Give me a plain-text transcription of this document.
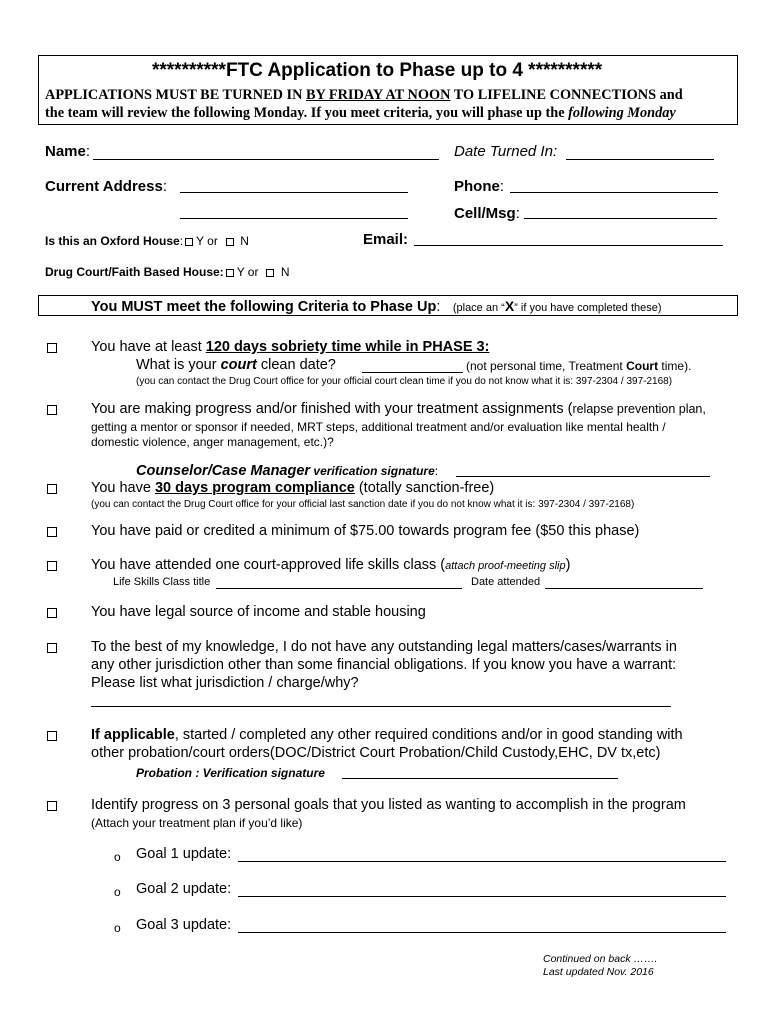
**********FTC Application to Phase up to 4 **********
APPLICATIONS MUST BE TURNED IN BY FRIDAY AT NOON TO LIFELINE CONNECTIONS and
the team will review the following Monday. If you meet criteria, you will phase up the following Monday
Name:	Date Turned In:
Current Address:	Phone:
Cell/Msg:
Is this an Oxford House: Y or N	Email:
Drug Court/Faith Based House: Y or N
You MUST meet the following Criteria to Phase Up: (place an “X” if you have completed these)
You have at least 120 days sobriety time while in PHASE 3:
What is your court clean date?	(not personal time, Treatment Court time).
(you can contact the Drug Court office for your official court clean time if you do not know what it is: 397-2304 / 397-2168)
You are making progress and/or finished with your treatment assignments (relapse prevention plan,
getting a mentor or sponsor if needed, MRT steps, additional treatment and/or evaluation like mental health /
domestic violence, anger management, etc.)?
Counselor/Case Manager verification signature:
You have 30 days program compliance (totally sanction-free)
(you can contact the Drug Court office for your official last sanction date if you do not know what it is: 397-2304 / 397-2168)
You have paid or credited a minimum of $75.00 towards program fee ($50 this phase)
You have attended one court-approved life skills class (attach proof-meeting slip)
Life Skills Class title	Date attended
You have legal source of income and stable housing
To the best of my knowledge, I do not have any outstanding legal matters/cases/warrants in
any other jurisdiction other than some financial obligations. If you know you have a warrant:
Please list what jurisdiction / charge/why?
If applicable, started / completed any other required conditions and/or in good standing with
other probation/court orders(DOC/District Court Probation/Child Custody,EHC, DV tx,etc)
Probation : Verification signature
Identify progress on 3 personal goals that you listed as wanting to accomplish in the program
(Attach your treatment plan if you’d like)
o Goal 1 update:
o Goal 2 update:
o Goal 3 update:
Continued on back …….
Last updated Nov. 2016
